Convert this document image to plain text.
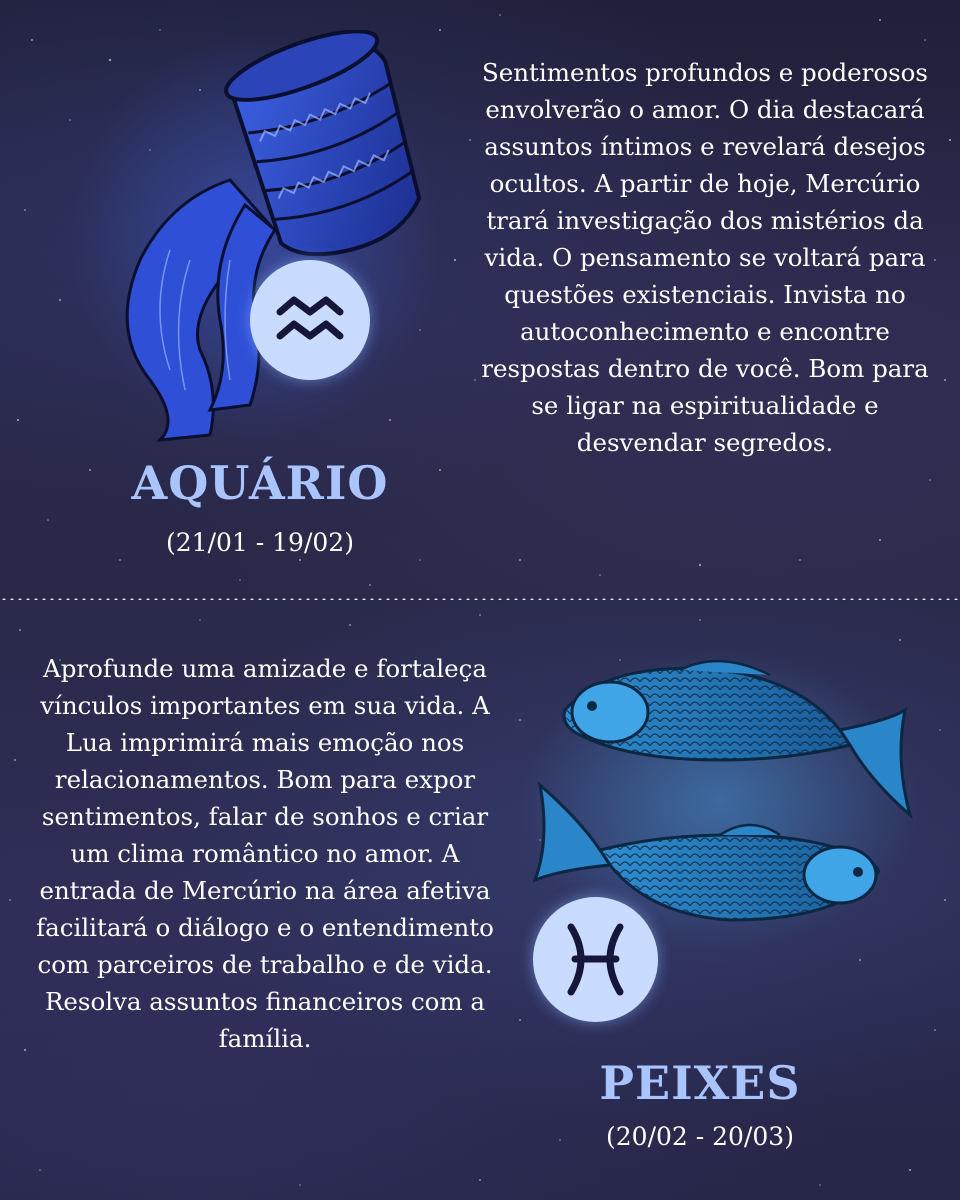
AQUÁRIO
(21/01 - 19/02)

Sentimentos profundos e poderosos envolverão o amor. O dia destacará assuntos íntimos e revelará desejos ocultos. A partir de hoje, Mercúrio trará investigação dos mistérios da vida. O pensamento se voltará para questões existenciais. Invista no autoconhecimento e encontre respostas dentro de você. Bom para se ligar na espiritualidade e desvendar segredos.

Aprofunde uma amizade e fortaleça vínculos importantes em sua vida. A Lua imprimirá mais emoção nos relacionamentos. Bom para expor sentimentos, falar de sonhos e criar um clima romântico no amor. A entrada de Mercúrio na área afetiva facilitará o diálogo e o entendimento com parceiros de trabalho e de vida. Resolva assuntos financeiros com a família.

PEIXES
(20/02 - 20/03)
